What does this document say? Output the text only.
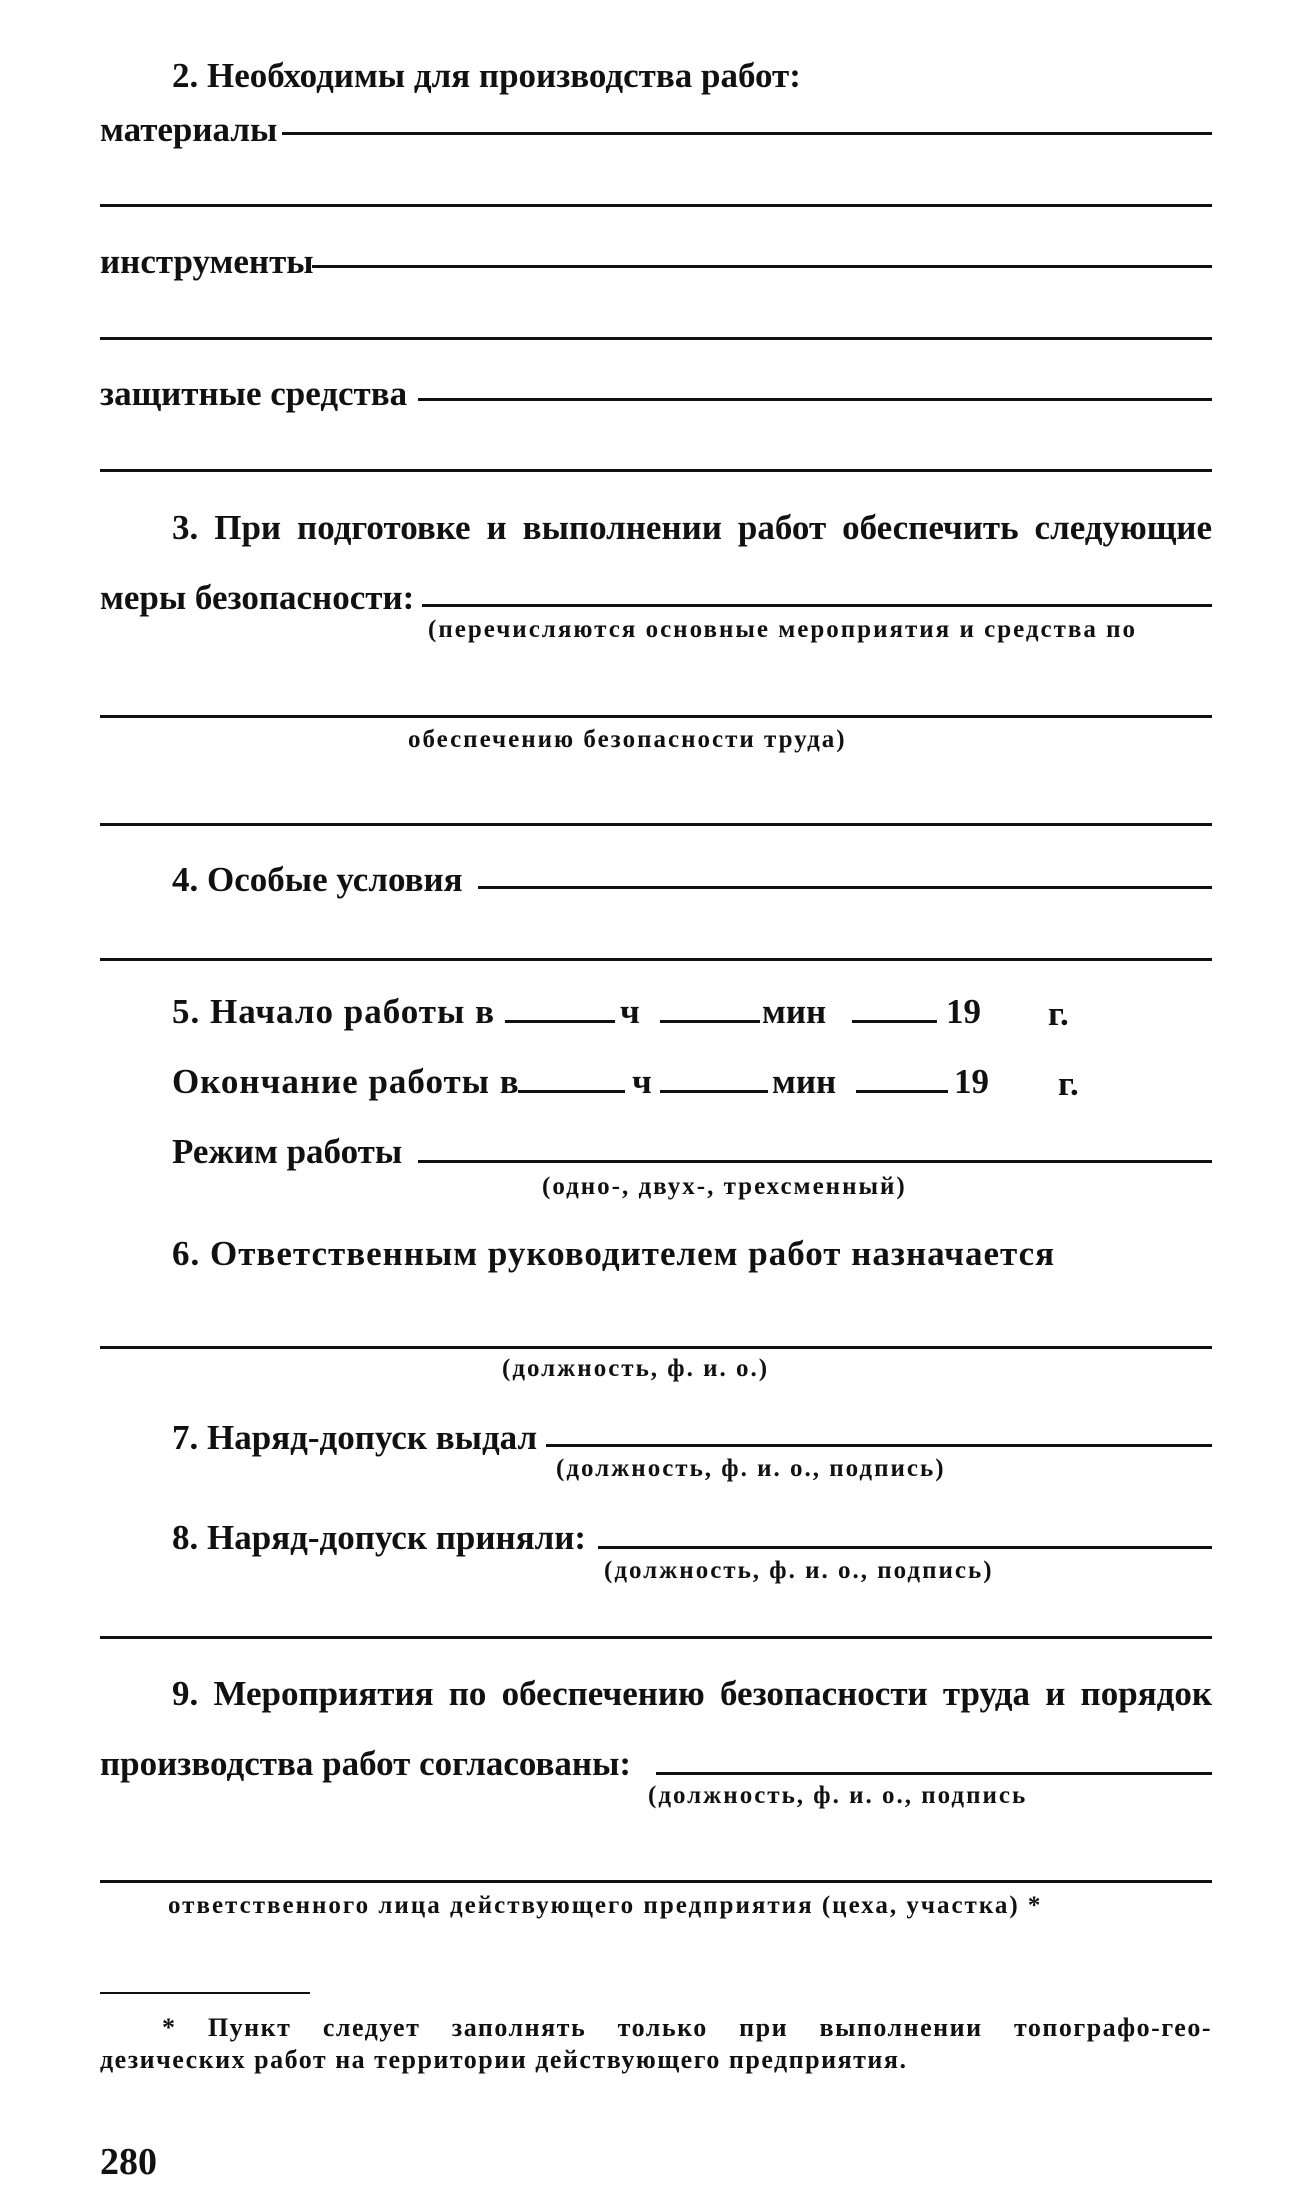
2. Необходимы для производства работ:
материалы
инструменты
защитные средства
3. При подготовке и выполнении работ обеспечить следующие
меры безопасности:
(перечисляются основные мероприятия и средства по
обеспечению безопасности труда)
4. Особые условия
5. Начало работы в	ч	мин	19 г.
Окончание работы в	ч	мин	19 г.
Режим работы
(одно-, двух-, трехсменный)
6. Ответственным руководителем работ назначается
(должность, ф. и. о.)
7. Наряд-допуск выдал
(должность, ф. и. о., подпись)
8. Наряд-допуск приняли:
(должность, ф. и. о., подпись)
9. Мероприятия по обеспечению безопасности труда и порядок
производства работ согласованы:
(должность, ф. и. о., подпись
ответственного лица действующего предприятия (цеха, участка) *
* Пункт следует заполнять только при выполнении топографо-гео-
дезических работ на территории действующего предприятия.
280
